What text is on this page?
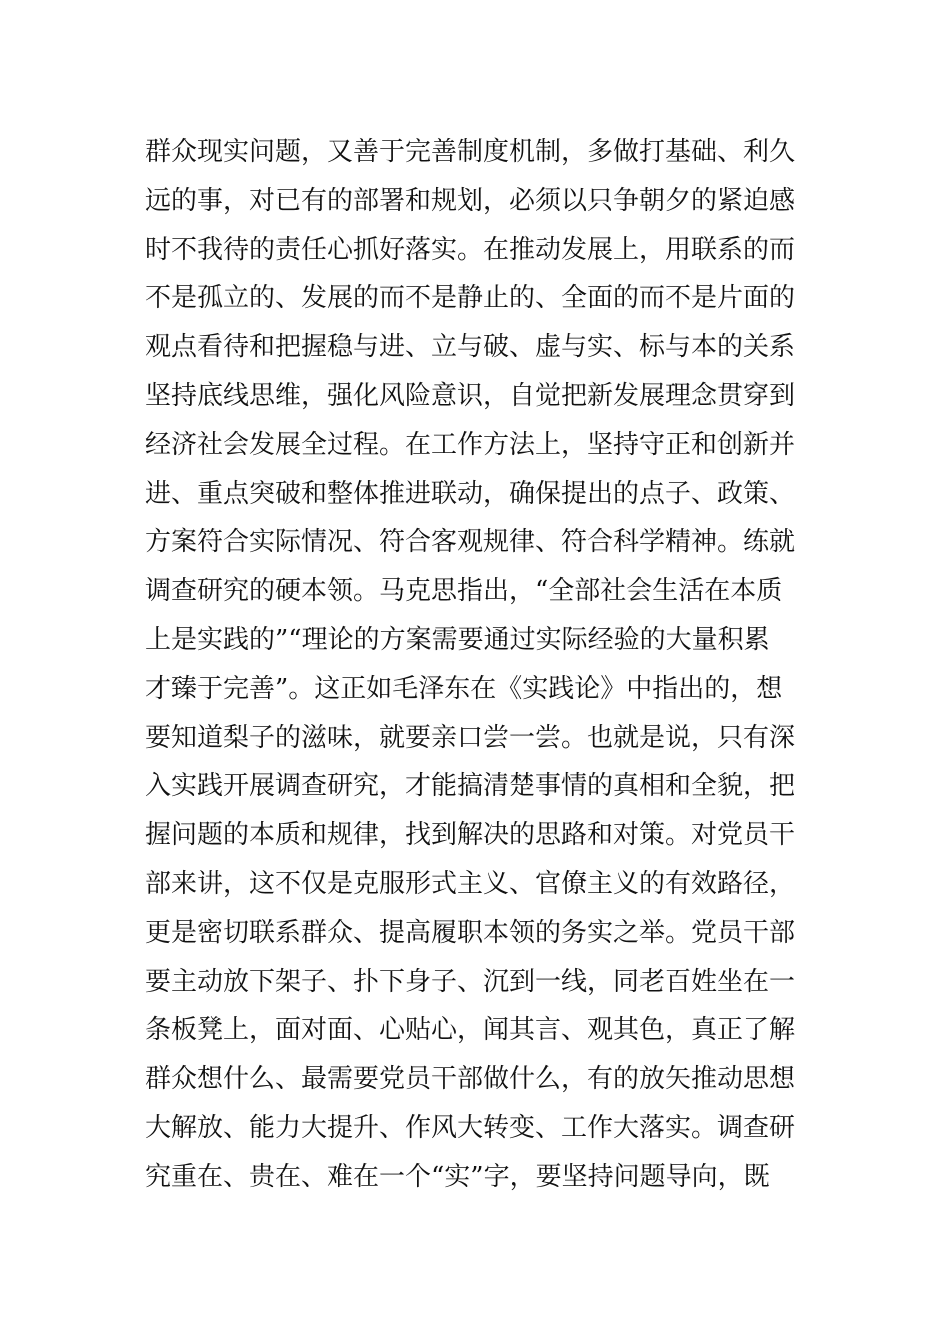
群众现实问题，又善于完善制度机制，多做打基础、利久
远的事，对已有的部署和规划，必须以只争朝夕的紧迫感
时不我待的责任心抓好落实。在推动发展上，用联系的而
不是孤立的、发展的而不是静止的、全面的而不是片面的
观点看待和把握稳与进、立与破、虚与实、标与本的关系
坚持底线思维，强化风险意识，自觉把新发展理念贯穿到
经济社会发展全过程。在工作方法上，坚持守正和创新并
进、重点突破和整体推进联动，确保提出的点子、政策、
方案符合实际情况、符合客观规律、符合科学精神。练就
调查研究的硬本领。马克思指出，“全部社会生活在本质
上是实践的”“理论的方案需要通过实际经验的大量积累
才臻于完善”。这正如毛泽东在《实践论》中指出的，想
要知道梨子的滋味，就要亲口尝一尝。也就是说，只有深
入实践开展调查研究，才能搞清楚事情的真相和全貌，把
握问题的本质和规律，找到解决的思路和对策。对党员干
部来讲，这不仅是克服形式主义、官僚主义的有效路径，
更是密切联系群众、提高履职本领的务实之举。党员干部
要主动放下架子、扑下身子、沉到一线，同老百姓坐在一
条板凳上，面对面、心贴心，闻其言、观其色，真正了解
群众想什么、最需要党员干部做什么，有的放矢推动思想
大解放、能力大提升、作风大转变、工作大落实。调查研
究重在、贵在、难在一个“实”字，要坚持问题导向，既
